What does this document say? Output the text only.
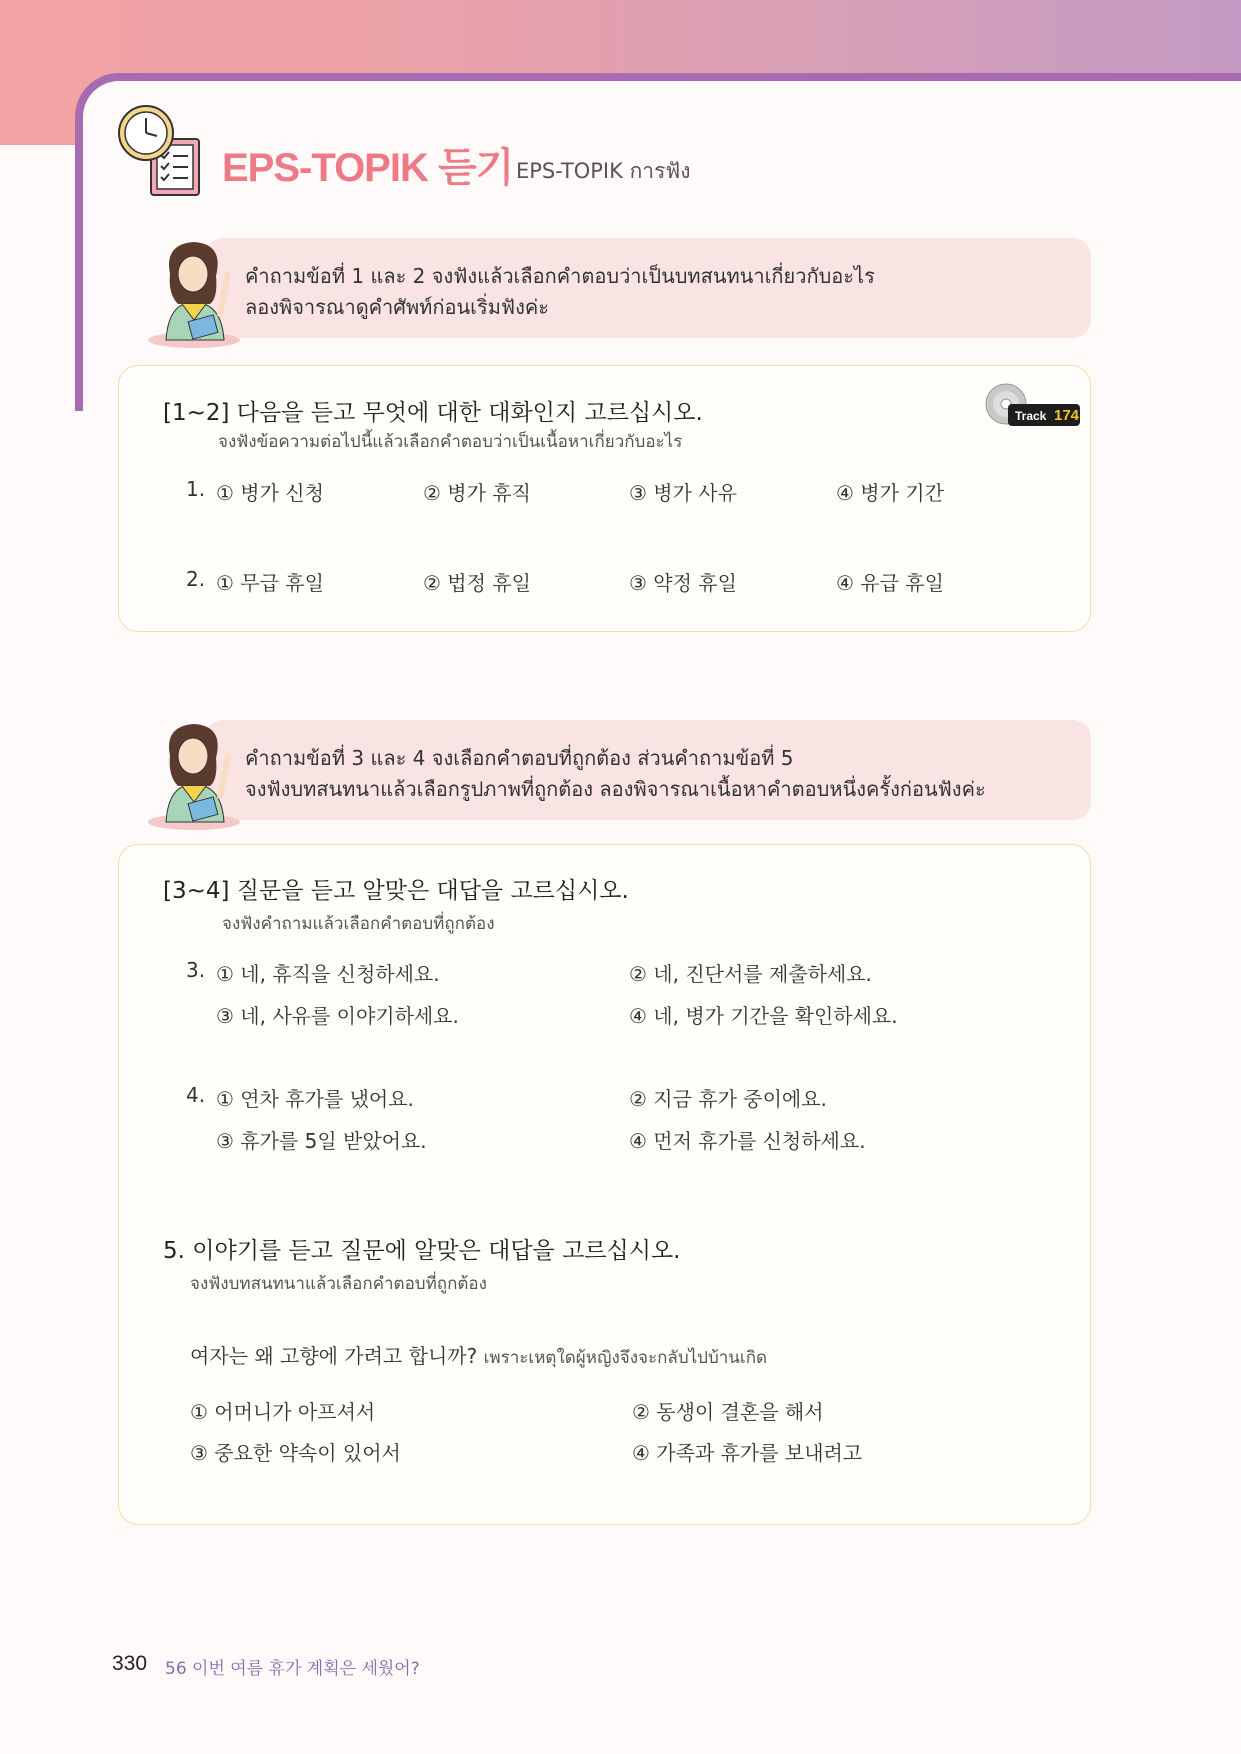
EPS-TOPIK 듣기 EPS-TOPIK การฟัง
คำถามข้อที่ 1 และ 2 จงฟังแล้วเลือกคำตอบว่าเป็นบทสนทนาเกี่ยวกับอะไร
ลองพิจารณาดูคำศัพท์ก่อนเริ่มฟังค่ะ
[1~2] 다음을 듣고 무엇에 대한 대화인지 고르십시오.
จงฟังข้อความต่อไปนี้แล้วเลือกคำตอบว่าเป็นเนื้อหาเกี่ยวกับอะไร
Track 174
1. ① 병가 신청	② 병가 휴직	③ 병가 사유	④ 병가 기간
2. ① 무급 휴일	② 법정 휴일	③ 약정 휴일	④ 유급 휴일
คำถามข้อที่ 3 และ 4 จงเลือกคำตอบที่ถูกต้อง ส่วนคำถามข้อที่ 5
จงฟังบทสนทนาแล้วเลือกรูปภาพที่ถูกต้อง ลองพิจารณาเนื้อหาคำตอบหนึ่งครั้งก่อนฟังค่ะ
[3~4] 질문을 듣고 알맞은 대답을 고르십시오.
จงฟังคำถามแล้วเลือกคำตอบที่ถูกต้อง
3. ① 네, 휴직을 신청하세요.	② 네, 진단서를 제출하세요.
③ 네, 사유를 이야기하세요.	④ 네, 병가 기간을 확인하세요.
4. ① 연차 휴가를 냈어요.	② 지금 휴가 중이에요.
③ 휴가를 5일 받았어요.	④ 먼저 휴가를 신청하세요.
5. 이야기를 듣고 질문에 알맞은 대답을 고르십시오.
จงฟังบทสนทนาแล้วเลือกคำตอบที่ถูกต้อง
여자는 왜 고향에 가려고 합니까? เพราะเหตุใดผู้หญิงจึงจะกลับไปบ้านเกิด
① 어머니가 아프셔서	② 동생이 결혼을 해서
③ 중요한 약속이 있어서	④ 가족과 휴가를 보내려고
330 56 이번 여름 휴가 계획은 세웠어?
